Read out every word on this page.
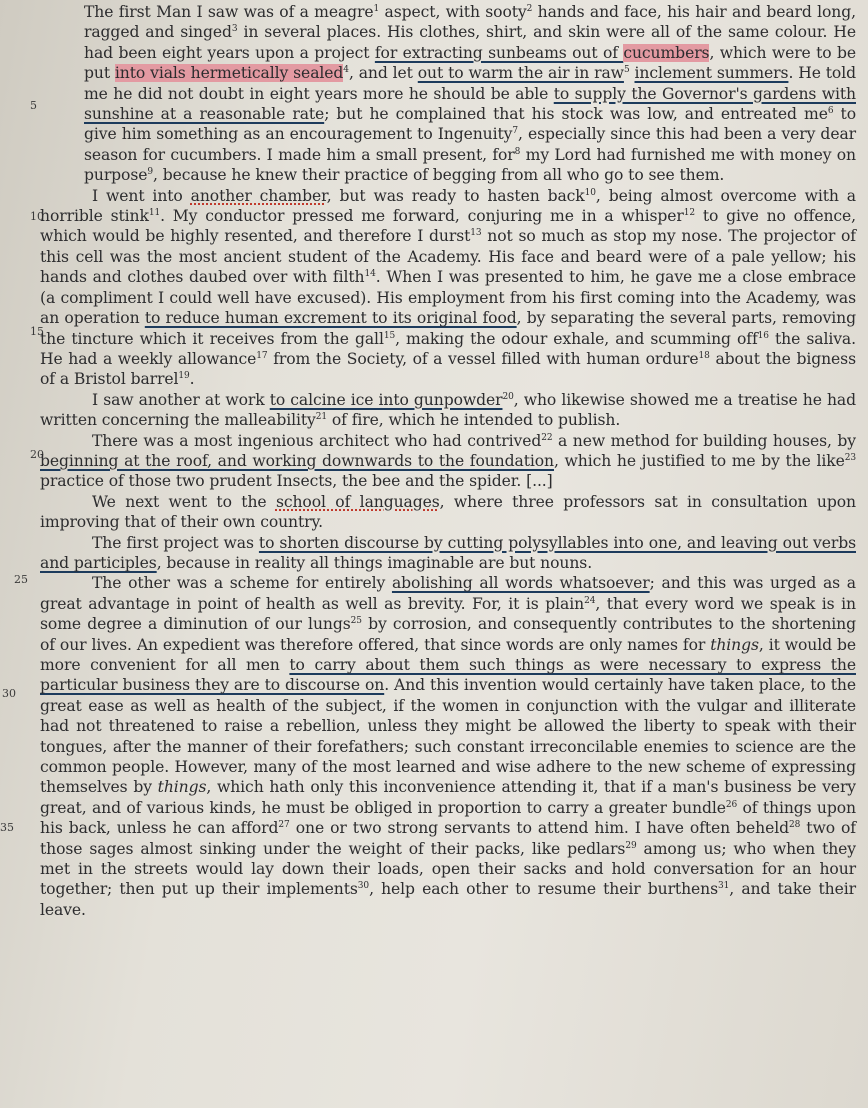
5
10
15
20
25
30
35

The first Man I saw was of a meagre$^1$ aspect, with sooty$^2$ hands and face, his hair and beard long, ragged and singed$^3$ in several places. His clothes, shirt, and skin were all of the same colour. He had been eight years upon a project for extracting sunbeams out of cucumbers, which were to be put into vials hermetically sealed$^4$, and let out to warm the air in raw$^5$ inclement summers. He told me he did not doubt in eight years more he should be able to supply the Governor's gardens with sunshine at a reasonable rate; but he complained that his stock was low, and entreated $me^6$ to give him something as an encouragement to Ingenuity$^7$, especially since this had been a very dear season for cucumbers. I made him a small present, for$^8$ my Lord had furnished me with money on purpose$^9$, because he knew their practice of begging from all who go to see them.

I went into another chamber, but was ready to hasten back$^{10}$, being almost overcome with a horrible stink$^{11}$. My conductor pressed me forward, conjuring me in a whisper$^{12}$ to give no offence, which would be highly resented, and therefore I durst$^{13}$ not so much as stop my nose. The projector of this cell was the most ancient student of the Academy. His face and beard were of a pale yellow; his hands and clothes daubed over with filth$^{14}$. When I was presented to him, he gave me a close embrace (a compliment I could well have excused). His employment from his first coming into the Academy, was an operation to reduce human excrement to its original food, by separating the several parts, removing the tincture which it receives from the gall$^{15}$, making the odour exhale, and scumming off$^{16}$ the saliva. He had a weekly allowance$^{17}$ from the Society, of a vessel filled with human ordure$^{18}$ about the bigness of a Bristol barrel$^{19}$.

I saw another at work to calcine ice into gunpowder$^{20}$, who likewise showed me a treatise he had written concerning the malleability$^{21}$ of fire, which he intended to publish.

There was a most ingenious architect who had contrived$^{22}$ a new method for building houses, by beginning at the roof, and working downwards to the foundation, which he justified to me by the like$^{23}$ practice of those two prudent Insects, the bee and the spider. [...]

We next went to the school of languages, where three professors sat in consultation upon improving that of their own country.

The first project was to shorten discourse by cutting polysyllables into one, and leaving out verbs and participles, because in reality all things imaginable are but nouns.

The other was a scheme for entirely abolishing all words whatsoever; and this was urged as a great advantage in point of health as well as brevity. For, it is plain$^{24}$, that every word we speak is in some degree a diminution of our lungs$^{25}$ by corrosion, and consequently contributes to the shortening of our lives. An expedient was therefore offered, that since words are only names for things, it would be more convenient for all men to carry about them such things as were necessary to express the particular business they are to discourse on. And this invention would certainly have taken place, to the great ease as well as health of the subject, if the women in conjunction with the vulgar and illiterate had not threatened to raise a rebellion, unless they might be allowed the liberty to speak with their tongues, after the manner of their forefathers; such constant irreconcilable enemies to science are the common people. However, many of the most learned and wise adhere to the new scheme of expressing themselves by things, which hath only this inconvenience attending it, that if a man's business be very great, and of various kinds, he must be obliged in proportion to carry a greater bundle$^{26}$ of things upon his back, unless he can afford$^{27}$ one or two strong servants to attend him. I have often beheld$^{28}$ two of those sages almost sinking under the weight of their packs, like pedlars$^{29}$ among us; who when they met in the streets would lay down their loads, open their sacks and hold conversation for an hour together; then put up their implements$^{30}$, help each other to resume their burthens$^{31}$, and take their leave.
